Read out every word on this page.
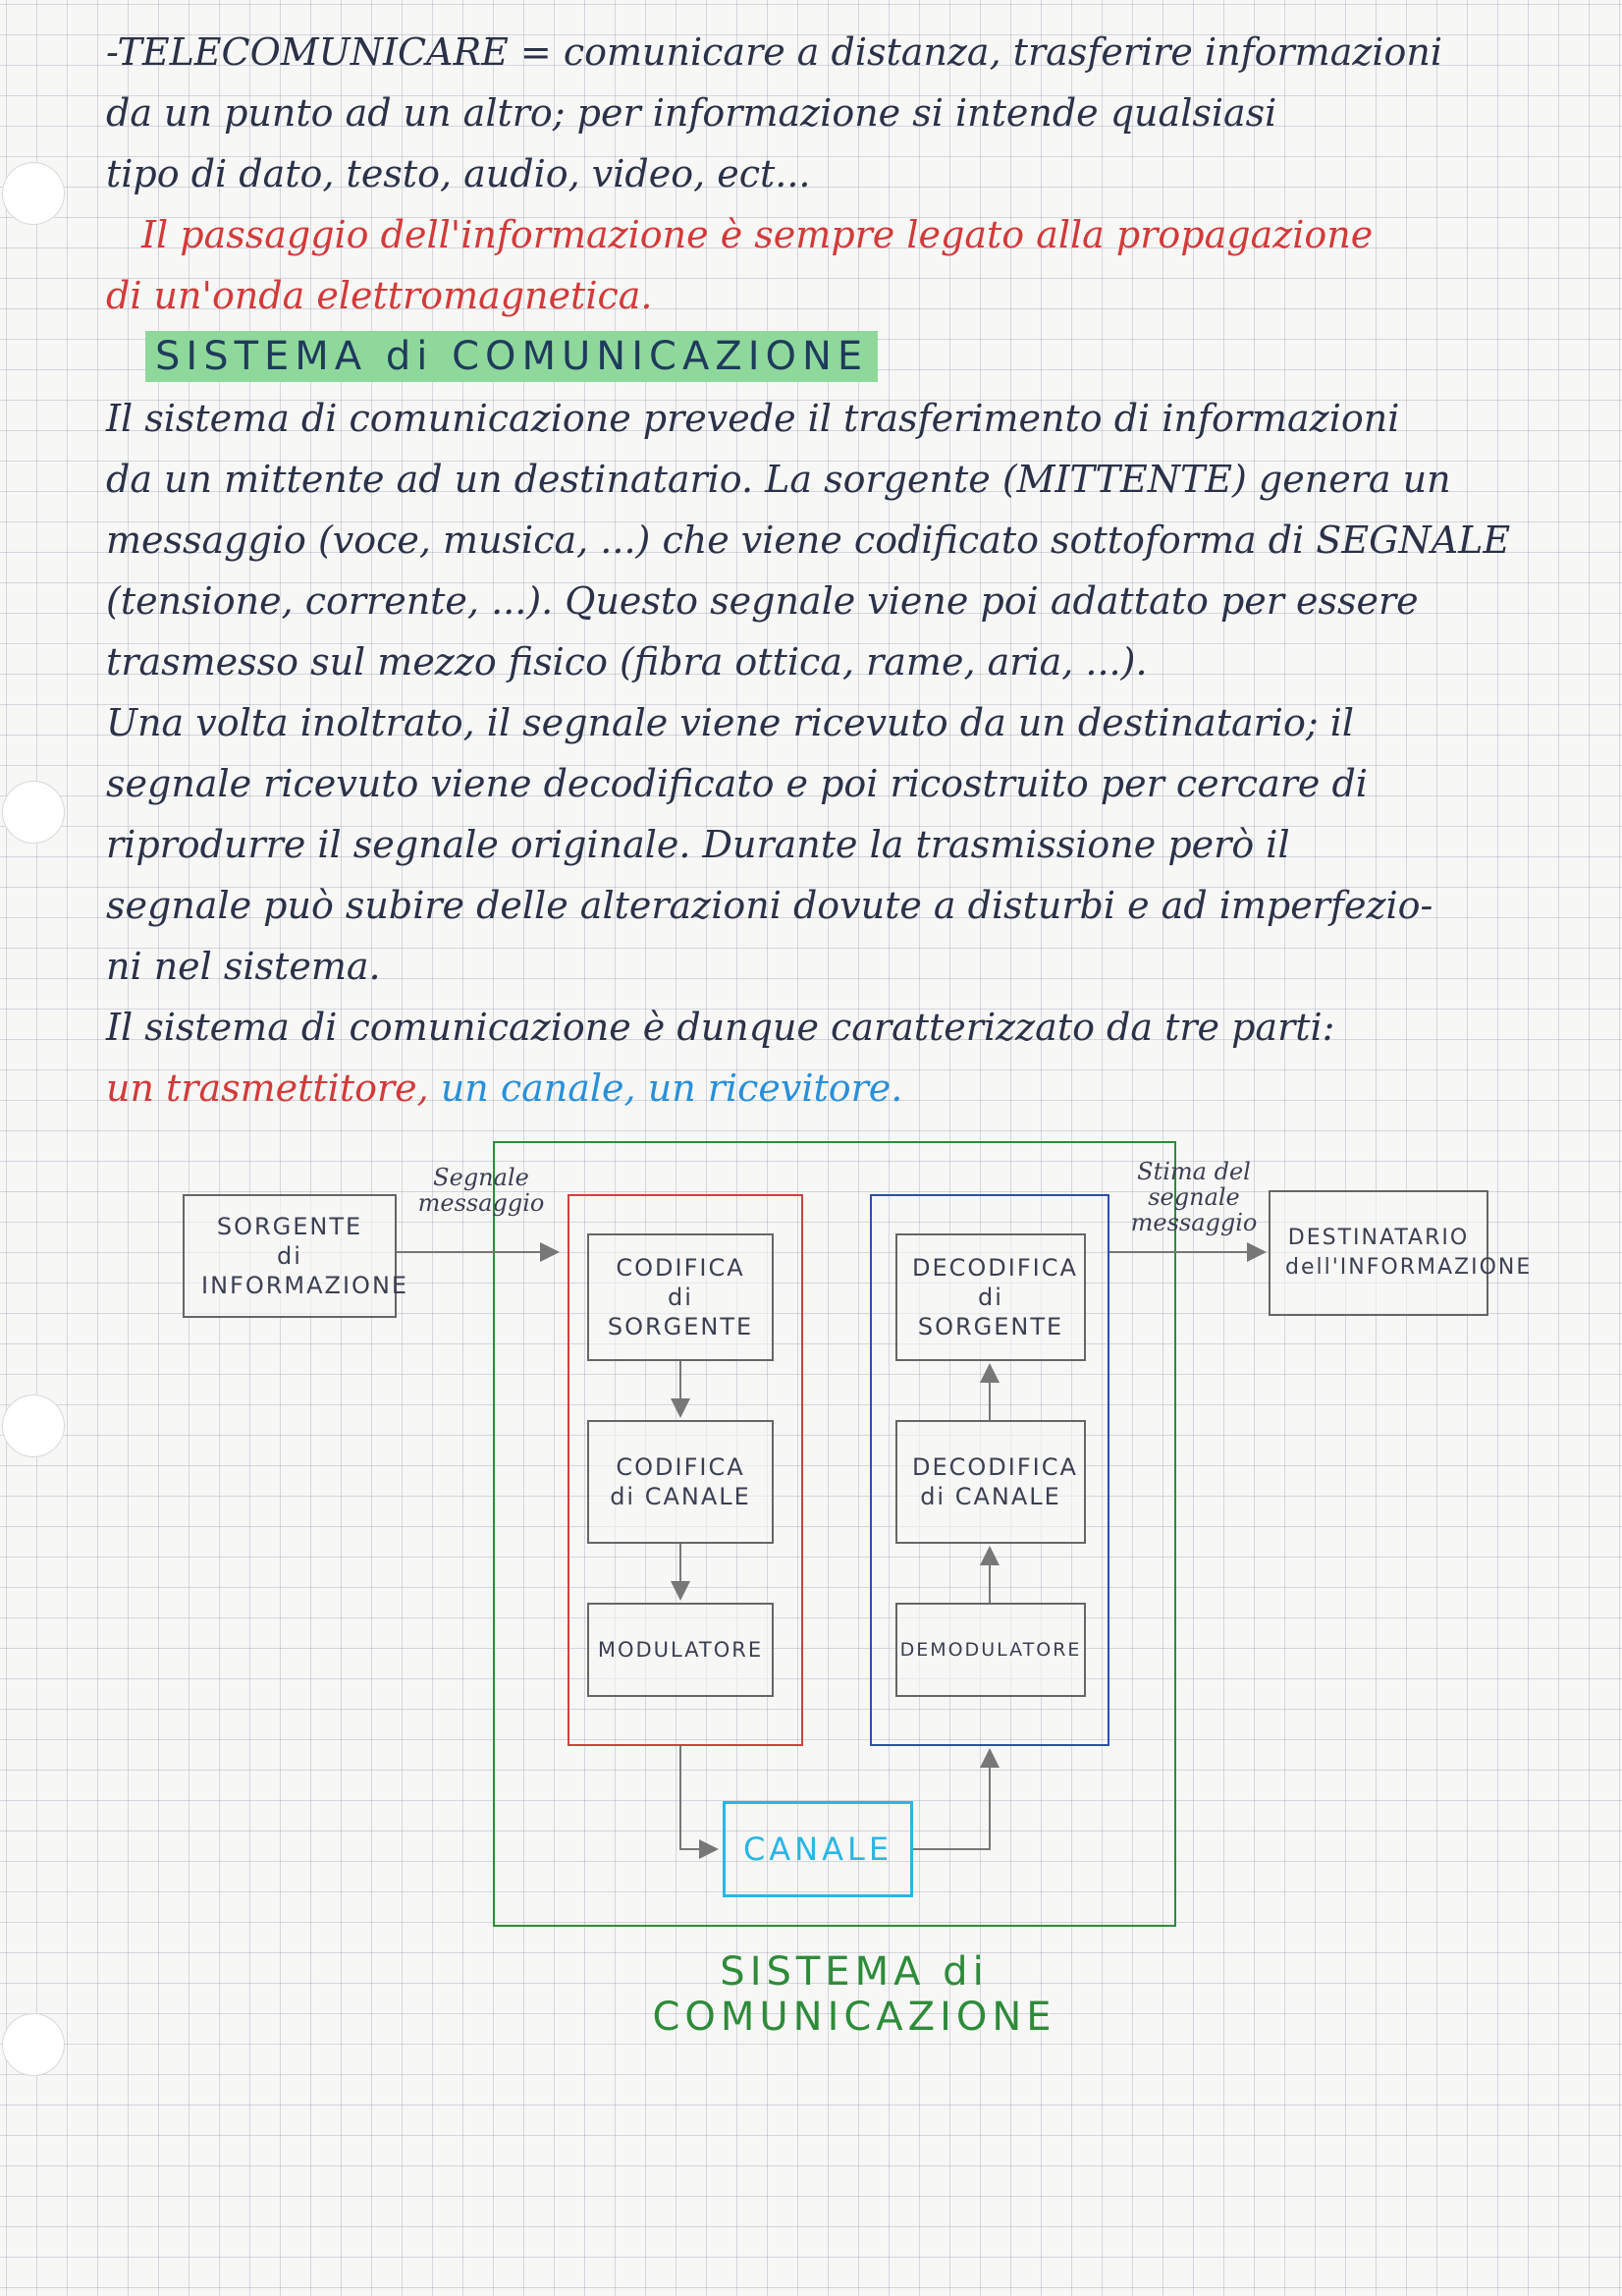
-TELECOMUNICARE = comunicare a distanza, trasferire informazioni
da un punto ad un altro; per informazione si intende qualsiasi
tipo di dato, testo, audio, video, ect...
Il passaggio dell'informazione è sempre legato alla propagazione
di un'onda elettromagnetica.
SISTEMA di COMUNICAZIONE
Il sistema di comunicazione prevede il trasferimento di informazioni
da un mittente ad un destinatario. La sorgente (MITTENTE) genera un
messaggio (voce, musica, ...) che viene codificato sottoforma di SEGNALE
(tensione, corrente, ...). Questo segnale viene poi adattato per essere
trasmesso sul mezzo fisico (fibra ottica, rame, aria, ...).
Una volta inoltrato, il segnale viene ricevuto da un destinatario; il
segnale ricevuto viene decodificato e poi ricostruito per cercare di
riprodurre il segnale originale. Durante la trasmissione però il
segnale può subire delle alterazioni dovute a disturbi e ad imperfezio-
ni nel sistema.
Il sistema di comunicazione è dunque caratterizzato da tre parti:
un trasmettitore, un canale, un ricevitore.
SORGENTE di INFORMAZIONE
Segnale messaggio
CODIFICA di SORGENTE
CODIFICA di CANALE
MODULATORE
DECODIFICA di SORGENTE
DECODIFICA di CANALE
DEMODULATORE
Stima del segnale messaggio
DESTINATARIO dell'INFORMAZIONE
CANALE
SISTEMA di COMUNICAZIONE
